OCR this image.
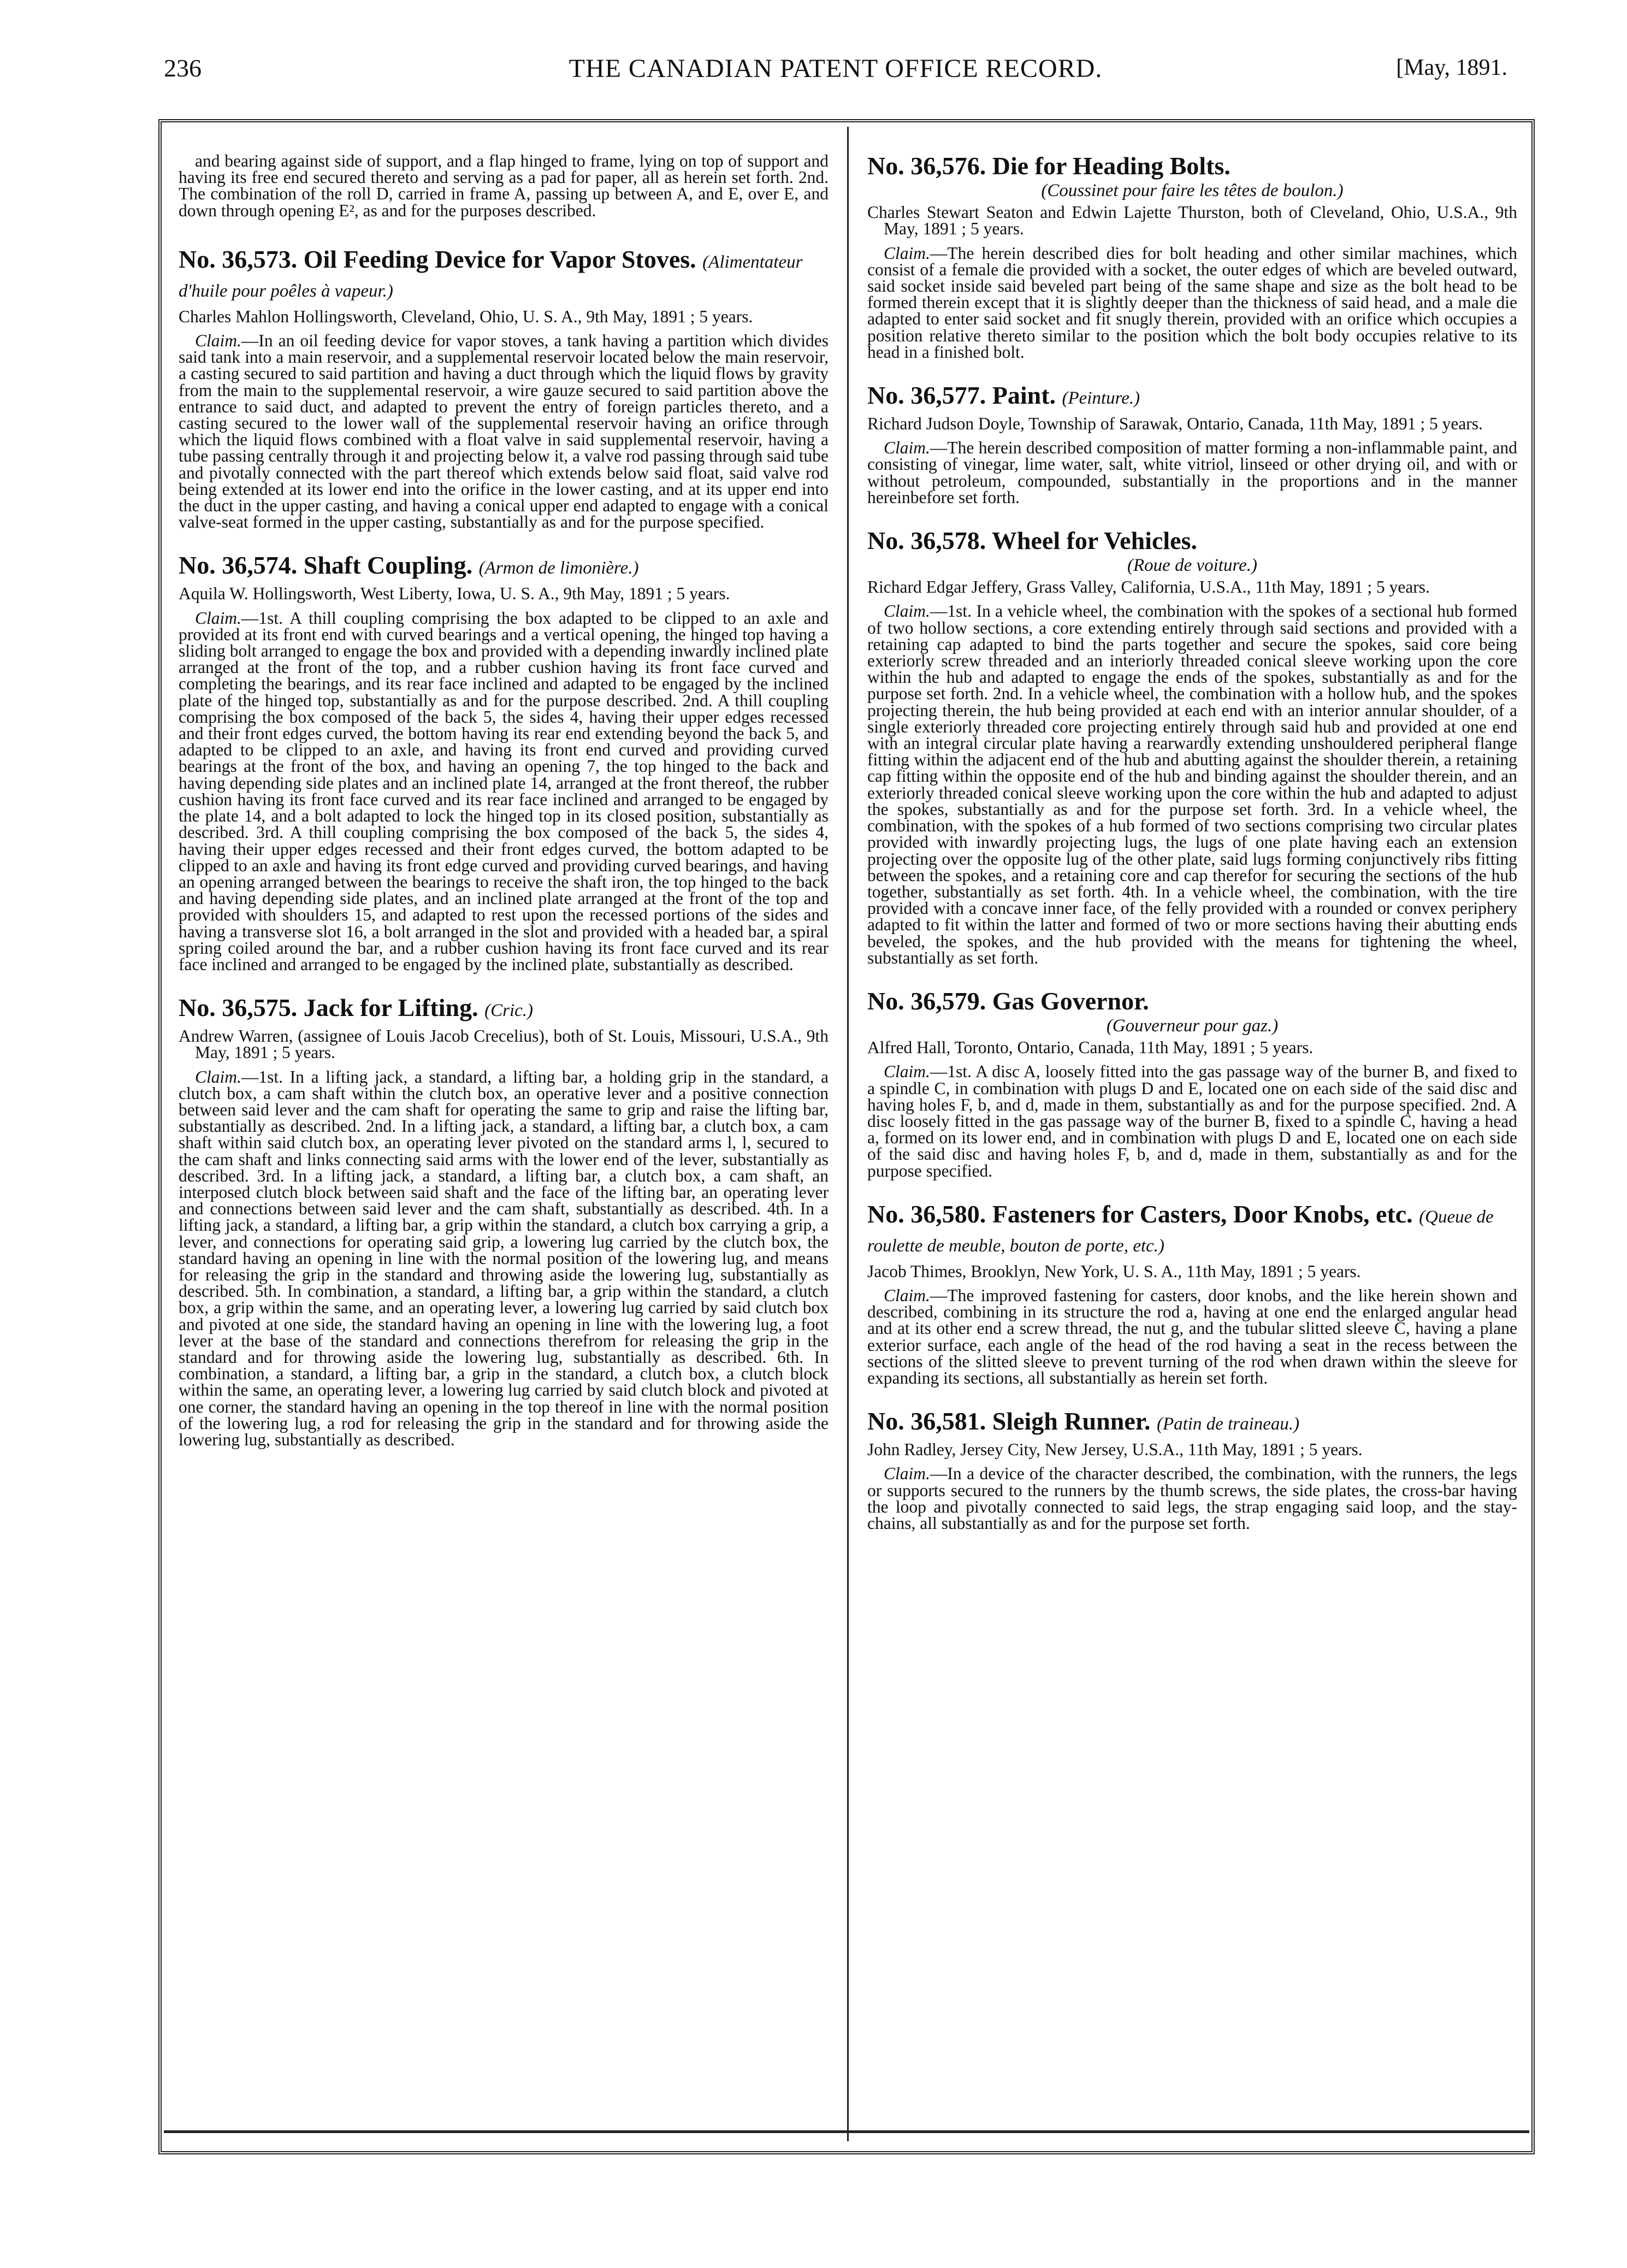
236	THE CANADIAN PATENT OFFICE RECORD.	[May, 1891.

and bearing against side of support, and a flap hinged to frame, lying on top of support and having its free end secured thereto and serving as a pad for paper, all as herein set forth. 2nd. The combination of the roll D, carried in frame A, passing up between A, and E, over E, and down through opening E², as and for the purposes described.

No. 36,573. Oil Feeding Device for Vapor Stoves. (Alimentateur d'huile pour poêles à vapeur.)

Charles Mahlon Hollingsworth, Cleveland, Ohio, U. S. A., 9th May, 1891 ; 5 years.

Claim.—In an oil feeding device for vapor stoves, a tank having a partition which divides said tank into a main reservoir, and a supplemental reservoir located below the main reservoir, a casting secured to said partition and having a duct through which the liquid flows by gravity from the main to the supplemental reservoir, a wire gauze secured to said partition above the entrance to said duct, and adapted to prevent the entry of foreign particles thereto, and a casting secured to the lower wall of the supplemental reservoir having an orifice through which the liquid flows combined with a float valve in said supplemental reservoir, having a tube passing centrally through it and projecting below it, a valve rod passing through said tube and pivotally connected with the part thereof which extends below said float, said valve rod being extended at its lower end into the orifice in the lower casting, and at its upper end into the duct in the upper casting, and having a conical upper end adapted to engage with a conical valve-seat formed in the upper casting, substantially as and for the purpose specified.

No. 36,574. Shaft Coupling. (Armon de limonière.)

Aquila W. Hollingsworth, West Liberty, Iowa, U. S. A., 9th May, 1891 ; 5 years.

Claim.—1st. A thill coupling comprising the box adapted to be clipped to an axle and provided at its front end with curved bearings and a vertical opening, the hinged top having a sliding bolt arranged to engage the box and provided with a depending inwardly inclined plate arranged at the front of the top, and a rubber cushion having its front face curved and completing the bearings, and its rear face inclined and adapted to be engaged by the inclined plate of the hinged top, substantially as and for the purpose described. 2nd. A thill coupling comprising the box composed of the back 5, the sides 4, having their upper edges recessed and their front edges curved, the bottom having its rear end extending beyond the back 5, and adapted to be clipped to an axle, and having its front end curved and providing curved bearings at the front of the box, and having an opening 7, the top hinged to the back and having depending side plates and an inclined plate 14, arranged at the front thereof, the rubber cushion having its front face curved and its rear face inclined and arranged to be engaged by the plate 14, and a bolt adapted to lock the hinged top in its closed position, substantially as described. 3rd. A thill coupling comprising the box composed of the back 5, the sides 4, having their upper edges recessed and their front edges curved, the bottom adapted to be clipped to an axle and having its front edge curved and providing curved bearings, and having an opening arranged between the bearings to receive the shaft iron, the top hinged to the back and having depending side plates, and an inclined plate arranged at the front of the top and provided with shoulders 15, and adapted to rest upon the recessed portions of the sides and having a transverse slot 16, a bolt arranged in the slot and provided with a headed bar, a spiral spring coiled around the bar, and a rubber cushion having its front face curved and its rear face inclined and arranged to be engaged by the inclined plate, substantially as described.

No. 36,575. Jack for Lifting. (Cric.)

Andrew Warren, (assignee of Louis Jacob Crecelius), both of St. Louis, Missouri, U.S.A., 9th May, 1891 ; 5 years.

Claim.—1st. In a lifting jack, a standard, a lifting bar, a holding grip in the standard, a clutch box, a cam shaft within the clutch box, an operative lever and a positive connection between said lever and the cam shaft for operating the same to grip and raise the lifting bar, substantially as described. 2nd. In a lifting jack, a standard, a lifting bar, a clutch box, a cam shaft within said clutch box, an operating lever pivoted on the standard arms l, l, secured to the cam shaft and links connecting said arms with the lower end of the lever, substantially as described. 3rd. In a lifting jack, a standard, a lifting bar, a clutch box, a cam shaft, an interposed clutch block between said shaft and the face of the lifting bar, an operating lever and connections between said lever and the cam shaft, substantially as described. 4th. In a lifting jack, a standard, a lifting bar, a grip within the standard, a clutch box carrying a grip, a lever, and connections for operating said grip, a lowering lug carried by the clutch box, the standard having an opening in line with the normal position of the lowering lug, and means for releasing the grip in the standard and throwing aside the lowering lug, substantially as described. 5th. In combination, a standard, a lifting bar, a grip within the standard, a clutch box, a grip within the same, and an operating lever, a lowering lug carried by said clutch box and pivoted at one side, the standard having an opening in line with the lowering lug, a foot lever at the base of the standard and connections therefrom for releasing the grip in the standard and for throwing aside the lowering lug, substantially as described. 6th. In combination, a standard, a lifting bar, a grip in the standard, a clutch box, a clutch block within the same, an operating lever, a lowering lug carried by said clutch block and pivoted at one corner, the standard having an opening in the top thereof in line with the normal position of the lowering lug, a rod for releasing the grip in the standard and for throwing aside the lowering lug, substantially as described.

No. 36,576. Die for Heading Bolts.
(Coussinet pour faire les têtes de boulon.)

Charles Stewart Seaton and Edwin Lajette Thurston, both of Cleveland, Ohio, U.S.A., 9th May, 1891 ; 5 years.

Claim.—The herein described dies for bolt heading and other similar machines, which consist of a female die provided with a socket, the outer edges of which are beveled outward, said socket inside said beveled part being of the same shape and size as the bolt head to be formed therein except that it is slightly deeper than the thickness of said head, and a male die adapted to enter said socket and fit snugly therein, provided with an orifice which occupies a position relative thereto similar to the position which the bolt body occupies relative to its head in a finished bolt.

No. 36,577. Paint. (Peinture.)

Richard Judson Doyle, Township of Sarawak, Ontario, Canada, 11th May, 1891 ; 5 years.

Claim.—The herein described composition of matter forming a non-inflammable paint, and consisting of vinegar, lime water, salt, white vitriol, linseed or other drying oil, and with or without petroleum, compounded, substantially in the proportions and in the manner hereinbefore set forth.

No. 36,578. Wheel for Vehicles.
(Roue de voiture.)

Richard Edgar Jeffery, Grass Valley, California, U.S.A., 11th May, 1891 ; 5 years.

Claim.—1st. In a vehicle wheel, the combination with the spokes of a sectional hub formed of two hollow sections, a core extending entirely through said sections and provided with a retaining cap adapted to bind the parts together and secure the spokes, said core being exteriorly screw threaded and an interiorly threaded conical sleeve working upon the core within the hub and adapted to engage the ends of the spokes, substantially as and for the purpose set forth. 2nd. In a vehicle wheel, the combination with a hollow hub, and the spokes projecting therein, the hub being provided at each end with an interior annular shoulder, of a single exteriorly threaded core projecting entirely through said hub and provided at one end with an integral circular plate having a rearwardly extending unshouldered peripheral flange fitting within the adjacent end of the hub and abutting against the shoulder therein, a retaining cap fitting within the opposite end of the hub and binding against the shoulder therein, and an exteriorly threaded conical sleeve working upon the core within the hub and adapted to adjust the spokes, substantially as and for the purpose set forth. 3rd. In a vehicle wheel, the combination, with the spokes of a hub formed of two sections comprising two circular plates provided with inwardly projecting lugs, the lugs of one plate having each an extension projecting over the opposite lug of the other plate, said lugs forming conjunctively ribs fitting between the spokes, and a retaining core and cap therefor for securing the sections of the hub together, substantially as set forth. 4th. In a vehicle wheel, the combination, with the tire provided with a concave inner face, of the felly provided with a rounded or convex periphery adapted to fit within the latter and formed of two or more sections having their abutting ends beveled, the spokes, and the hub provided with the means for tightening the wheel, substantially as set forth.

No. 36,579. Gas Governor.
(Gouverneur pour gaz.)

Alfred Hall, Toronto, Ontario, Canada, 11th May, 1891 ; 5 years.

Claim.—1st. A disc A, loosely fitted into the gas passage way of the burner B, and fixed to a spindle C, in combination with plugs D and E, located one on each side of the said disc and having holes F, b, and d, made in them, substantially as and for the purpose specified. 2nd. A disc loosely fitted in the gas passage way of the burner B, fixed to a spindle C, having a head a, formed on its lower end, and in combination with plugs D and E, located one on each side of the said disc and having holes F, b, and d, made in them, substantially as and for the purpose specified.

No. 36,580. Fasteners for Casters, Door Knobs, etc. (Queue de roulette de meuble, bouton de porte, etc.)

Jacob Thimes, Brooklyn, New York, U. S. A., 11th May, 1891 ; 5 years.

Claim.—The improved fastening for casters, door knobs, and the like herein shown and described, combining in its structure the rod a, having at one end the enlarged angular head and at its other end a screw thread, the nut g, and the tubular slitted sleeve C, having a plane exterior surface, each angle of the head of the rod having a seat in the recess between the sections of the slitted sleeve to prevent turning of the rod when drawn within the sleeve for expanding its sections, all substantially as herein set forth.

No. 36,581. Sleigh Runner. (Patin de traineau.)

John Radley, Jersey City, New Jersey, U.S.A., 11th May, 1891 ; 5 years.

Claim.—In a device of the character described, the combination, with the runners, the legs or supports secured to the runners by the thumb screws, the side plates, the cross-bar having the loop and pivotally connected to said legs, the strap engaging said loop, and the stay-chains, all substantially as and for the purpose set forth.
